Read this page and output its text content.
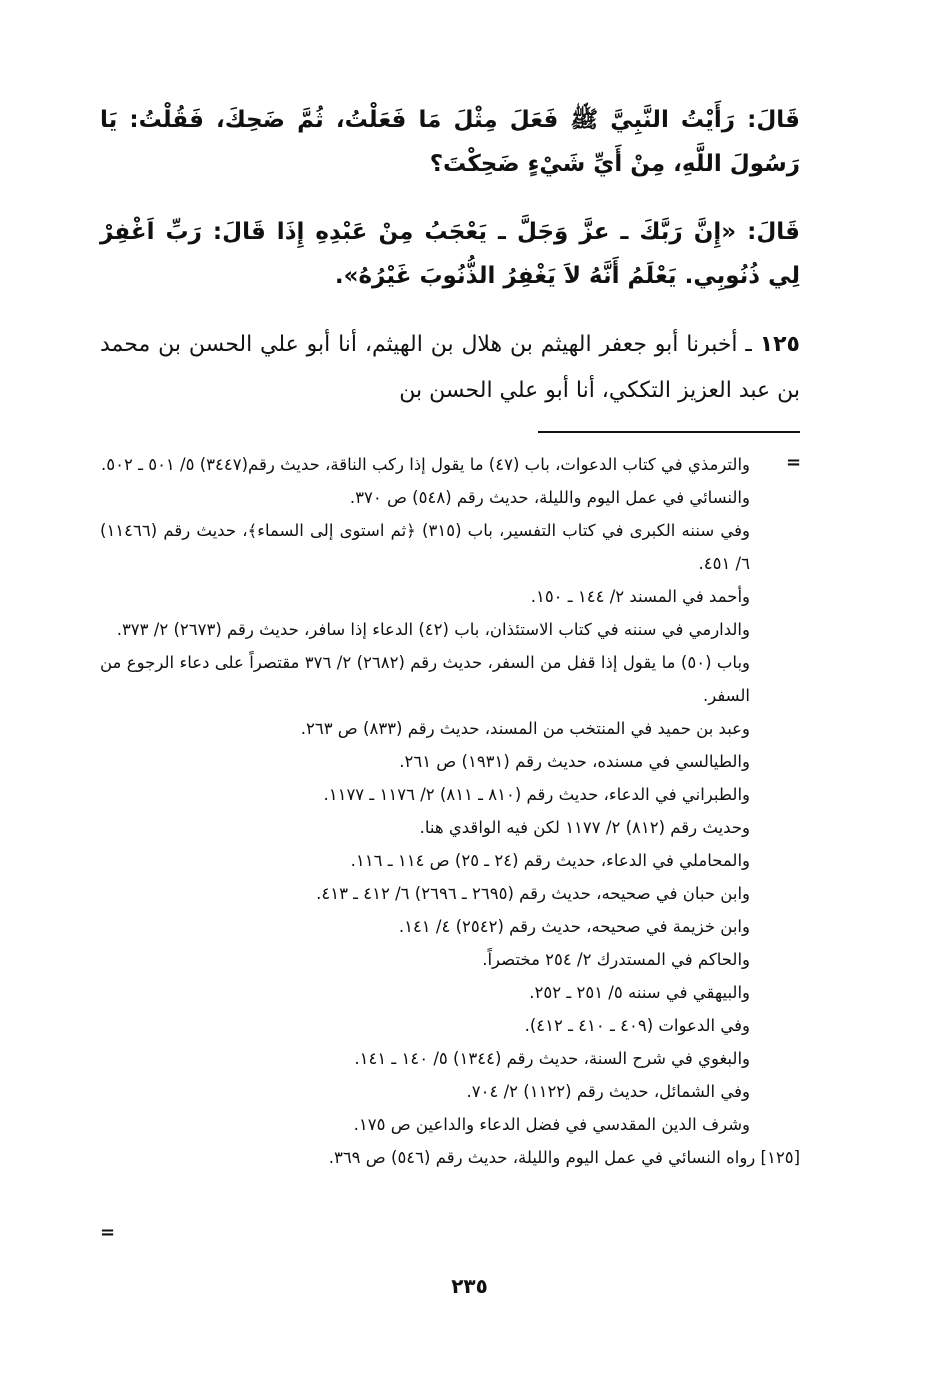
قَالَ: رَأَيْتُ النَّبِيَّ ﷺ فَعَلَ مِثْلَ مَا فَعَلْتُ، ثُمَّ ضَحِكَ، فَقُلْتُ: يَا رَسُولَ اللَّهِ، مِنْ أَيِّ شَيْءٍ ضَحِكْتَ؟
قَالَ: «إِنَّ رَبَّكَ ـ عزَّ وَجَلَّ ـ يَعْجَبُ مِنْ عَبْدِهِ إِذَا قَالَ: رَبِّ اَغْفِرْ لِي ذُنُوبِي. يَعْلَمُ أَنَّهُ لاَ يَغْفِرُ الذُّنُوبَ غَيْرُهُ».
١٢٥ ـ أخبرنا أبو جعفر الهيثم بن هلال بن الهيثم، أنا أبو علي الحسن بن محمد بن عبد العزيز التككي، أنا أبو علي الحسن بن
=
والترمذي في كتاب الدعوات، باب (٤٧) ما يقول إذا ركب الناقة، حديث رقم(٣٤٤٧) ٥/ ٥٠١ ـ ٥٠٢.
والنسائي في عمل اليوم والليلة، حديث رقم (٥٤٨) ص ٣٧٠.
وفي سننه الكبرى في كتاب التفسير، باب (٣١٥) ﴿ثم استوى إلى السماء﴾، حديث رقم (١١٤٦٦) ٦/ ٤٥١.
وأحمد في المسند ٢/ ١٤٤ ـ ١٥٠.
والدارمي في سننه في كتاب الاستئذان، باب (٤٢) الدعاء إذا سافر، حديث رقم (٢٦٧٣) ٢/ ٣٧٣.
وباب (٥٠) ما يقول إذا قفل من السفر، حديث رقم (٢٦٨٢) ٢/ ٣٧٦ مقتصراً على دعاء الرجوع من السفر.
وعبد بن حميد في المنتخب من المسند، حديث رقم (٨٣٣) ص ٢٦٣.
والطيالسي في مسنده، حديث رقم (١٩٣١) ص ٢٦١.
والطبراني في الدعاء، حديث رقم (٨١٠ ـ ٨١١) ٢/ ١١٧٦ ـ ١١٧٧.
وحديث رقم (٨١٢) ٢/ ١١٧٧ لكن فيه الواقدي هنا.
والمحاملي في الدعاء، حديث رقم (٢٤ ـ ٢٥) ص ١١٤ ـ ١١٦.
وابن حبان في صحيحه، حديث رقم (٢٦٩٥ ـ ٢٦٩٦) ٦/ ٤١٢ ـ ٤١٣.
وابن خزيمة في صحيحه، حديث رقم (٢٥٤٢) ٤/ ١٤١.
والحاكم في المستدرك ٢/ ٢٥٤ مختصراً.
والبيهقي في سننه ٥/ ٢٥١ ـ ٢٥٢.
وفي الدعوات (٤٠٩ ـ ٤١٠ ـ ٤١٢).
والبغوي في شرح السنة، حديث رقم (١٣٤٤) ٥/ ١٤٠ ـ ١٤١.
وفي الشمائل، حديث رقم (١١٢٢) ٢/ ٧٠٤.
وشرف الدين المقدسي في فضل الدعاء والداعين ص ١٧٥.
[١٢٥] رواه النسائي في عمل اليوم والليلة، حديث رقم (٥٤٦) ص ٣٦٩.
=
٢٣٥
